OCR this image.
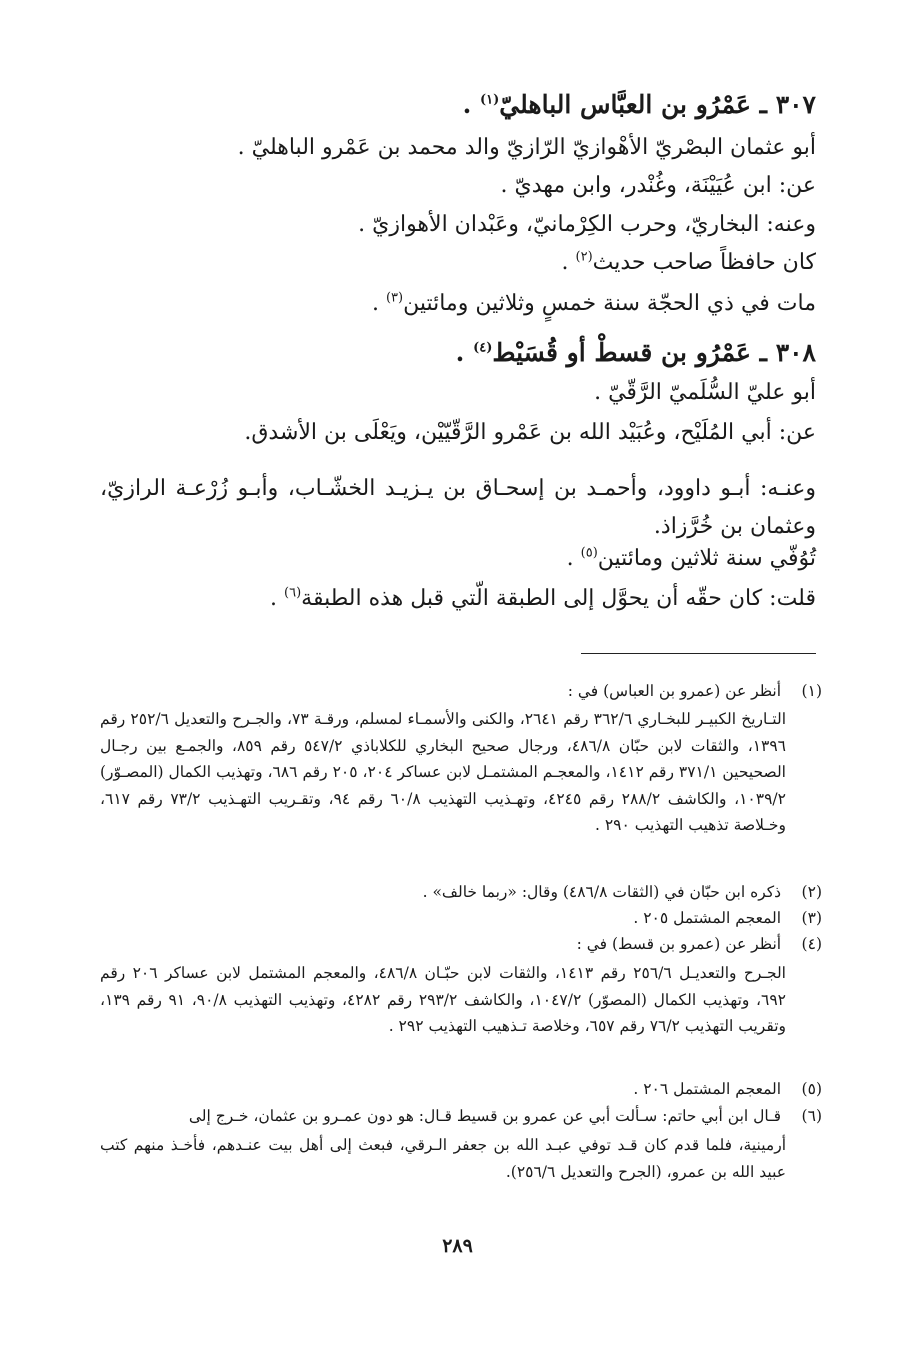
٣٠٧ ـ عَمْرُو بن العبَّاس الباهليّ$^{(١)}$ .
أبو عثمان البصْريّ الأهْوازيّ الرّازيّ والد محمد بن عَمْرو الباهليّ .
عن: ابن عُيَيْنَة، وغُنْدر، وابن مهديّ .
وعنه: البخاريّ، وحرب الكِرْمانيّ، وعَبْدان الأهوازيّ .
كان حافظاً صاحب حديث$^{(٢)}$ .
مات في ذي الحجّة سنة خمسٍ وثلاثين ومائتين$^{(٣)}$ .
٣٠٨ ـ عَمْرُو بن قسطْ أو قُسَيْط$^{(٤)}$ .
أبو عليّ السُّلَميّ الرَّقّيّ .
عن: أبي المُلَيْح، وعُبَيْد الله بن عَمْرو الرَّقّيّيْن، ويَعْلَى بن الأشدق.
وعنـه: أبـو داوود، وأحمـد بن إسحـاق بن يـزيـد الخشّـاب، وأبـو زُرْعـة الرازيّ، وعثمان بن خُرَّزاذ.
تُوُفّي سنة ثلاثين ومائتين$^{(٥)}$ .
قلت: كان حقّه أن يحوَّل إلى الطبقة الّتي قبل هذه الطبقة$^{(٦)}$ .
(١) أنظر عن (عمرو بن العباس) في :
التـاريخ الكبيـر للبخـاري ٣٦٢/٦ رقم ٢٦٤١، والكنى والأسمـاء لمسلم، ورقـة ٧٣، والجـرح والتعديل ٢٥٢/٦ رقم ١٣٩٦، والثقات لابن حبّان ٤٨٦/٨، ورجال صحيح البخاري للكلاباذي ٥٤٧/٢ رقم ٨٥٩، والجمـع بين رجـال الصحيحين ٣٧١/١ رقم ١٤١٢، والمعجـم المشتمـل لابن عساكر ٢٠٤، ٢٠٥ رقم ٦٨٦، وتهذيب الكمال (المصـوّر) ١٠٣٩/٢، والكاشف ٢٨٨/٢ رقم ٤٢٤٥، وتهـذيب التهذيب ٦٠/٨ رقم ٩٤، وتقـريب التهـذيب ٧٣/٢ رقم ٦١٧، وخـلاصة تذهيب التهذيب ٢٩٠ .
(٢) ذكره ابن حبّان في (الثقات ٤٨٦/٨) وقال: «ربما خالف» .
(٣) المعجم المشتمل ٢٠٥ .
(٤) أنظر عن (عمرو بن قسط) في :
الجـرح والتعديـل ٢٥٦/٦ رقم ١٤١٣، والثقات لابن حبّـان ٤٨٦/٨، والمعجم المشتمل لابن عساكر ٢٠٦ رقم ٦٩٢، وتهذيب الكمال (المصوّر) ١٠٤٧/٢، والكاشف ٢٩٣/٢ رقم ٤٢٨٢، وتهذيب التهذيب ٩٠/٨، ٩١ رقم ١٣٩، وتقريب التهذيب ٧٦/٢ رقم ٦٥٧، وخلاصة تـذهيب التهذيب ٢٩٢ .
(٥) المعجم المشتمل ٢٠٦ .
(٦) قـال ابن أبي حاتم: سـألت أبي عن عمرو بن قسيط قـال: هو دون عمـرو بن عثمان، خـرج إلى
أرمينية، فلما قدم كان قـد توفي عبـد الله بن جعفر الـرقي، فبعث إلى أهل بيت عنـدهم، فأخـذ منهم كتب عبيد الله بن عمرو، (الجرح والتعديل ٢٥٦/٦).
٢٨٩
